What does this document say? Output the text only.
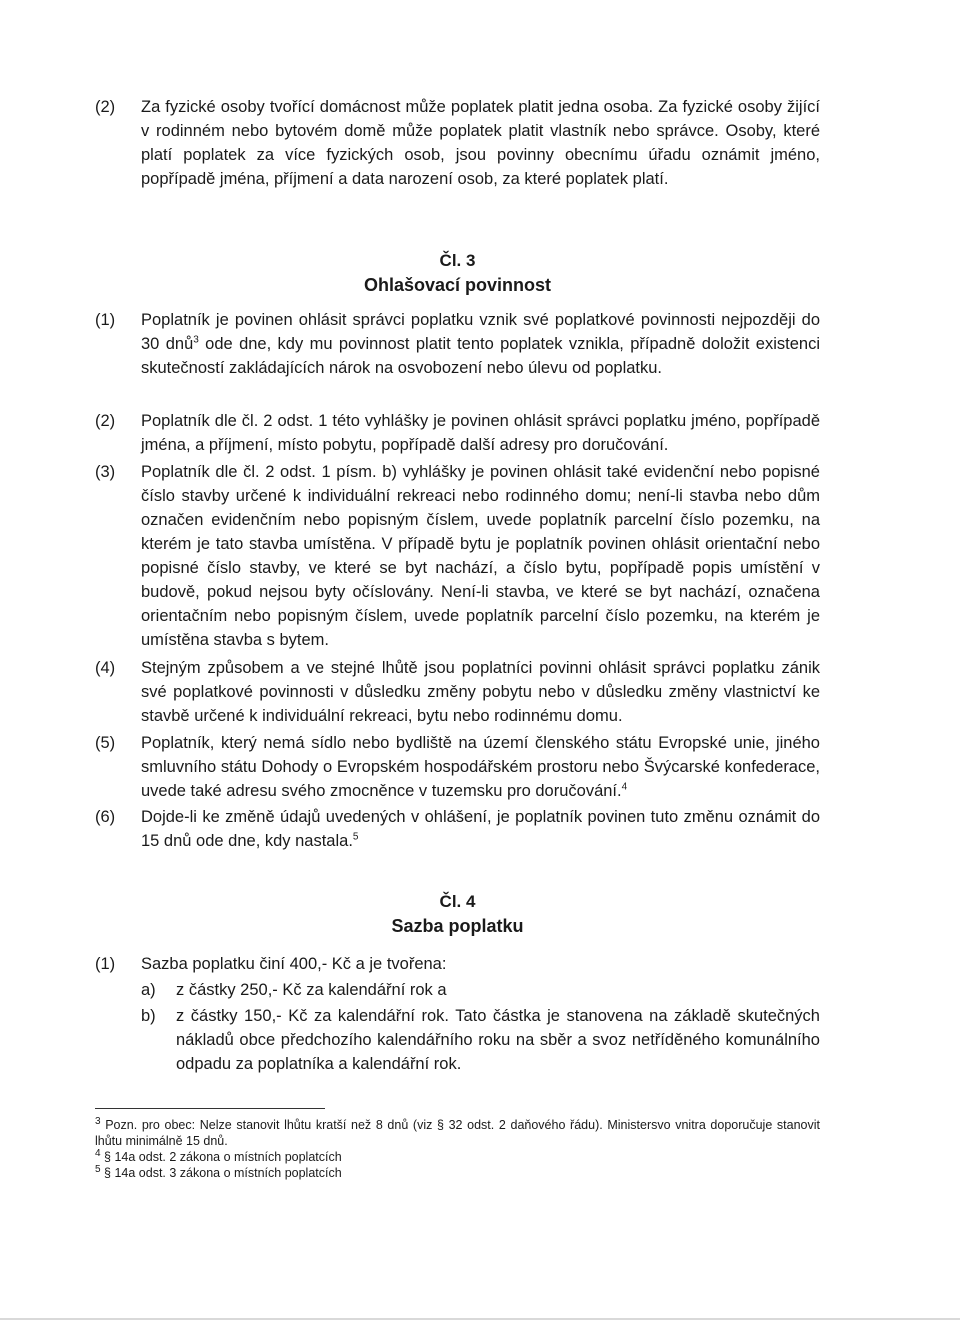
(2) Za fyzické osoby tvořící domácnost může poplatek platit jedna osoba. Za fyzické osoby žijící v rodinném nebo bytovém domě může poplatek platit vlastník nebo správce. Osoby, které platí poplatek za více fyzických osob, jsou povinny obecnímu úřadu oznámit jméno, popřípadě jména, příjmení a data narození osob, za které poplatek platí.
Čl. 3
Ohlašovací povinnost
(1) Poplatník je povinen ohlásit správci poplatku vznik své poplatkové povinnosti nejpozději do 30 dnů$^3$ ode dne, kdy mu povinnost platit tento poplatek vznikla, případně doložit existenci skutečností zakládajících nárok na osvobození nebo úlevu od poplatku.
(2) Poplatník dle čl. 2 odst. 1 této vyhlášky je povinen ohlásit správci poplatku jméno, popřípadě jména, a příjmení, místo pobytu, popřípadě další adresy pro doručování.
(3) Poplatník dle čl. 2 odst. 1 písm. b) vyhlášky je povinen ohlásit také evidenční nebo popisné číslo stavby určené k individuální rekreaci nebo rodinného domu; není-li stavba nebo dům označen evidenčním nebo popisným číslem, uvede poplatník parcelní číslo pozemku, na kterém je tato stavba umístěna. V případě bytu je poplatník povinen ohlásit orientační nebo popisné číslo stavby, ve které se byt nachází, a číslo bytu, popřípadě popis umístění v budově, pokud nejsou byty očíslovány. Není-li stavba, ve které se byt nachází, označena orientačním nebo popisným číslem, uvede poplatník parcelní číslo pozemku, na kterém je umístěna stavba s bytem.
(4) Stejným způsobem a ve stejné lhůtě jsou poplatníci povinni ohlásit správci poplatku zánik své poplatkové povinnosti v důsledku změny pobytu nebo v důsledku změny vlastnictví ke stavbě určené k individuální rekreaci, bytu nebo rodinnému domu.
(5) Poplatník, který nemá sídlo nebo bydliště na území členského státu Evropské unie, jiného smluvního státu Dohody o Evropském hospodářském prostoru nebo Švýcarské konfederace, uvede také adresu svého zmocněnce v tuzemsku pro doručování.$^4$
(6) Dojde-li ke změně údajů uvedených v ohlášení, je poplatník povinen tuto změnu oznámit do 15 dnů ode dne, kdy nastala.$^5$
Čl. 4
Sazba poplatku
(1) Sazba poplatku činí 400,- Kč a je tvořena:
a) z částky 250,- Kč za kalendářní rok a
b) z částky 150,- Kč za kalendářní rok. Tato částka je stanovena na základě skutečných nákladů obce předchozího kalendářního roku na sběr a svoz netříděného komunálního odpadu za poplatníka a kalendářní rok.
$^3$ Pozn. pro obec: Nelze stanovit lhůtu kratší než 8 dnů (viz § 32 odst. 2 daňového řádu). Ministersvo vnitra doporučuje stanovit lhůtu minimálně 15 dnů.
$^4$ § 14a odst. 2 zákona o místních poplatcích
$^5$ § 14a odst. 3 zákona o místních poplatcích
